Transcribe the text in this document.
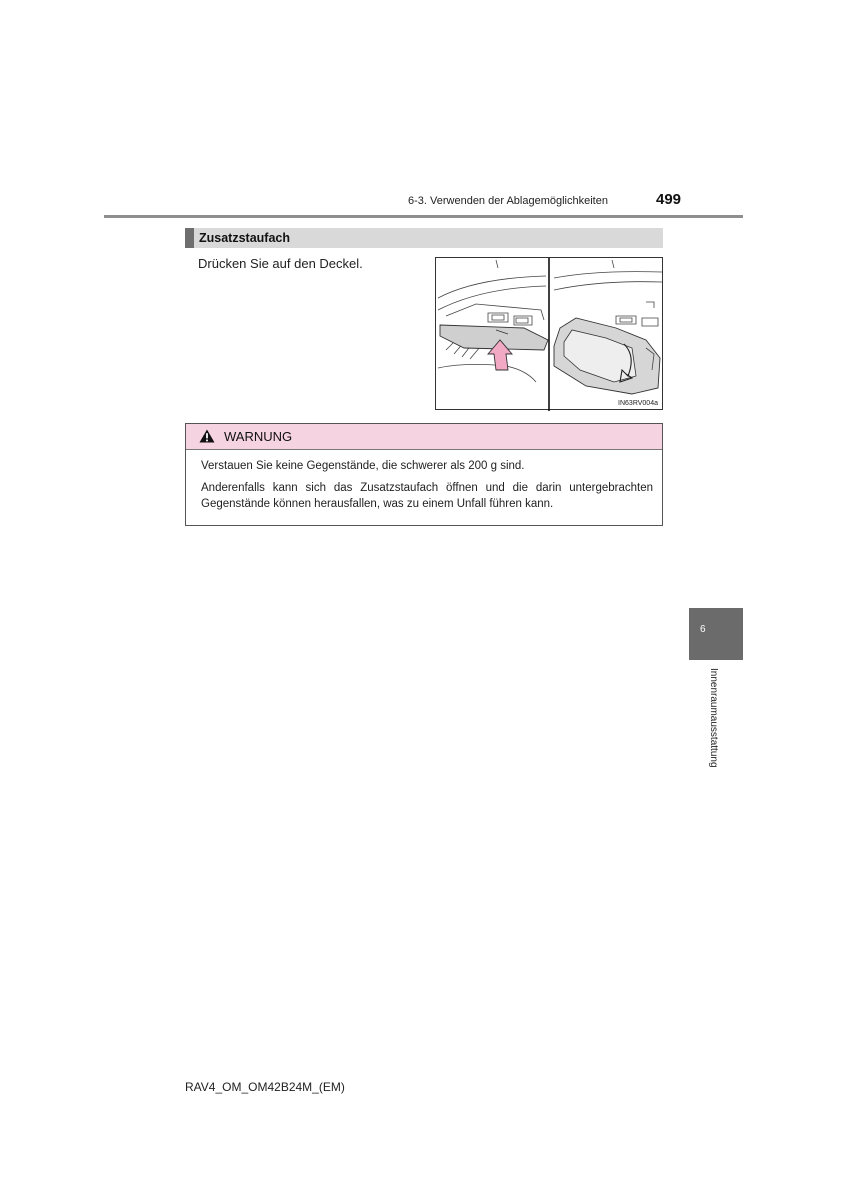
6-3. Verwenden der Ablagemöglichkeiten	499
Zusatzstaufach
Drücken Sie auf den Deckel.
IN63RV004a
WARNUNG
Verstauen Sie keine Gegenstände, die schwerer als 200 g sind.
Anderenfalls kann sich das Zusatzstaufach öffnen und die darin untergebrachten Gegenstände können herausfallen, was zu einem Unfall führen kann.
6
Innenraumausstattung
RAV4_OM_OM42B24M_(EM)
